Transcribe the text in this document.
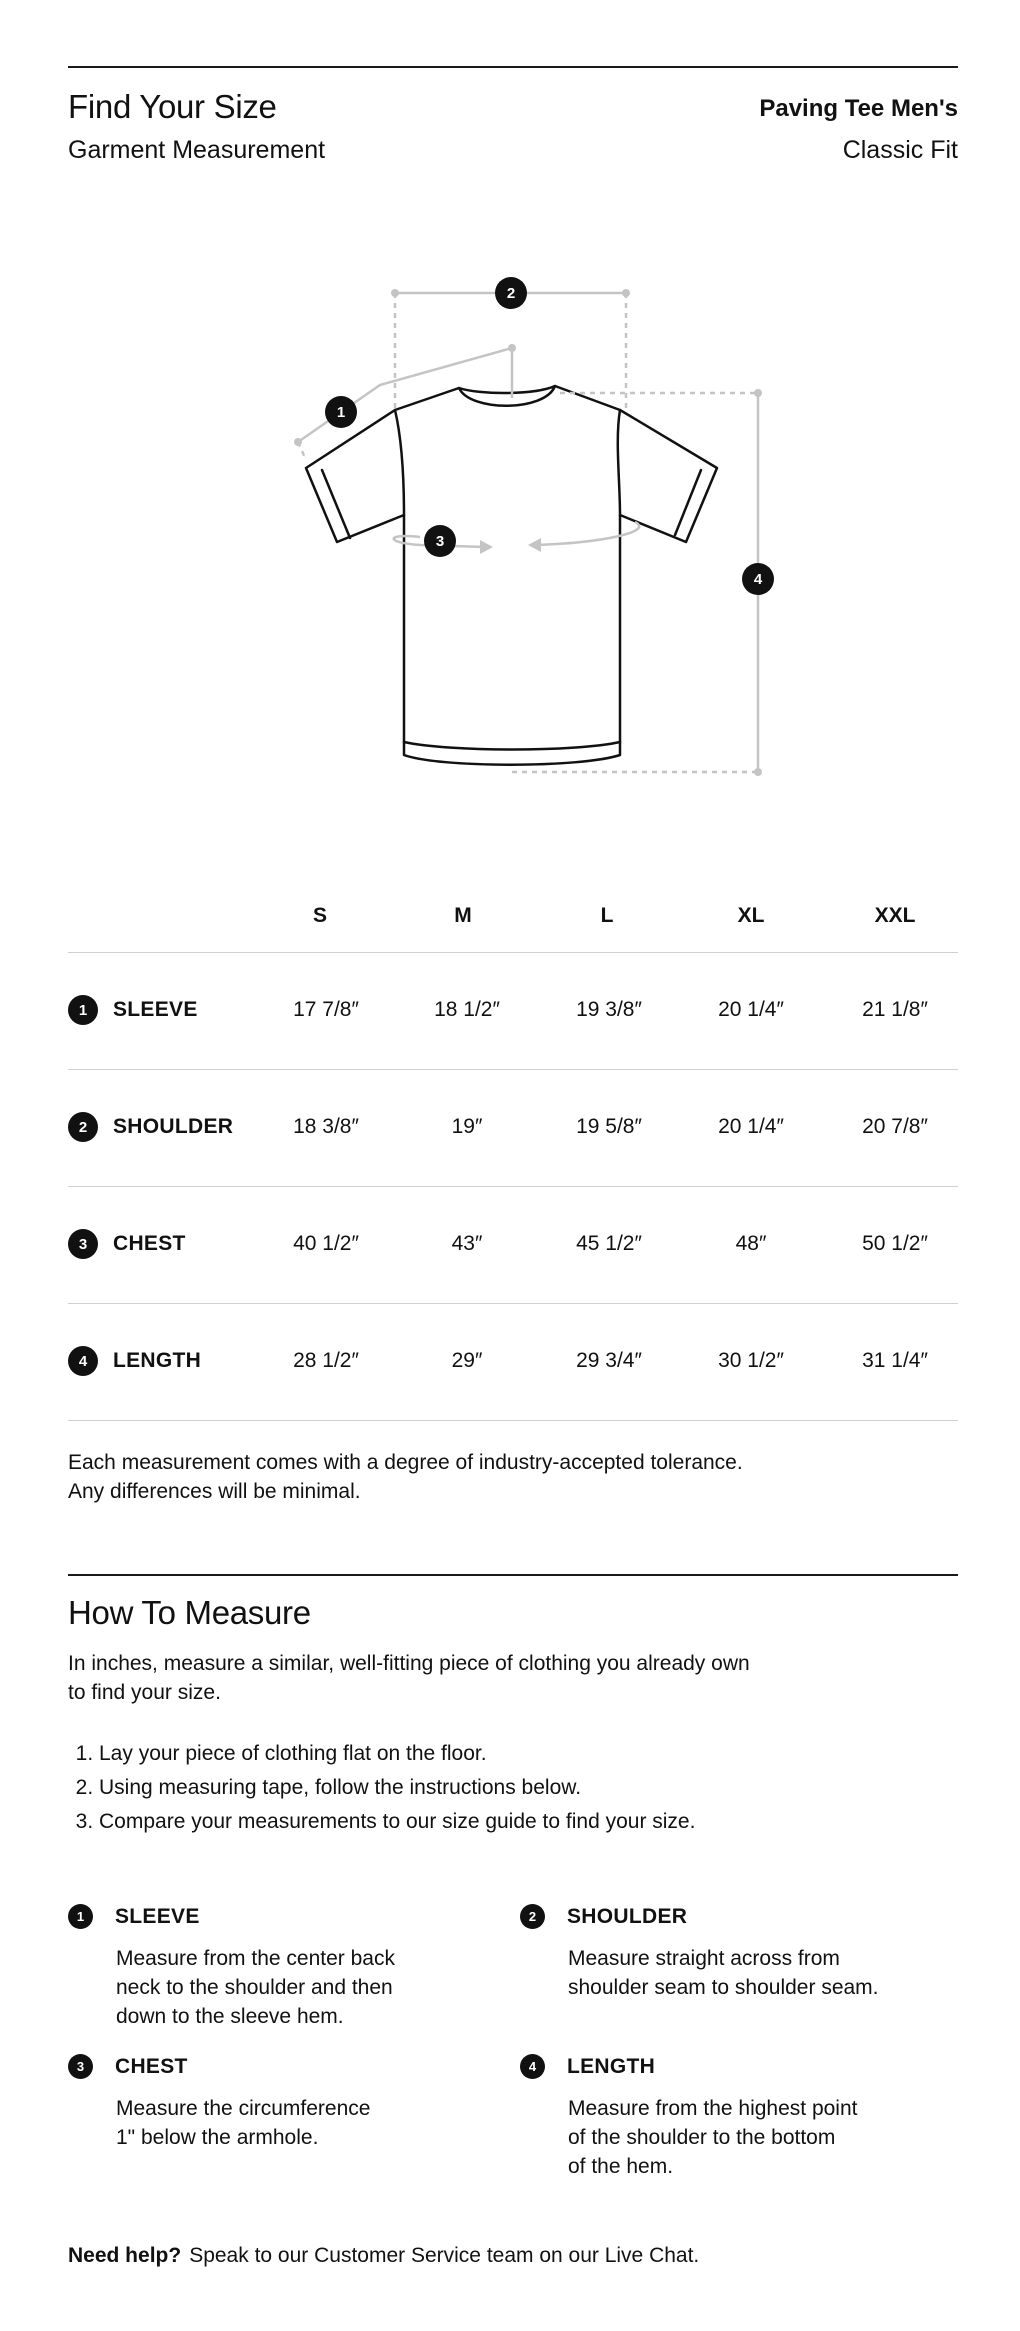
Find Your Size
Garment Measurement
Paving Tee Men's
Classic Fit
2
1
3
4
S	M	L	XL	XXL
1	SLEEVE	17 7/8″	18 1/2″	19 3/8″	20 1/4″	21 1/8″
2	SHOULDER	18 3/8″	19″	19 5/8″	20 1/4″	20 7/8″
3	CHEST	40 1/2″	43″	45 1/2″	48″	50 1/2″
4	LENGTH	28 1/2″	29″	29 3/4″	30 1/2″	31 1/4″
Each measurement comes with a degree of industry-accepted tolerance.
Any differences will be minimal.
How To Measure
In inches, measure a similar, well-fitting piece of clothing you already own
to find your size.
1. Lay your piece of clothing flat on the floor.
2. Using measuring tape, follow the instructions below.
3. Compare your measurements to our size guide to find your size.
1	SLEEVE
Measure from the center back
neck to the shoulder and then
down to the sleeve hem.
2	SHOULDER
Measure straight across from
shoulder seam to shoulder seam.
3	CHEST
Measure the circumference
1" below the armhole.
4	LENGTH
Measure from the highest point
of the shoulder to the bottom
of the hem.
Need help? Speak to our Customer Service team on our Live Chat.
